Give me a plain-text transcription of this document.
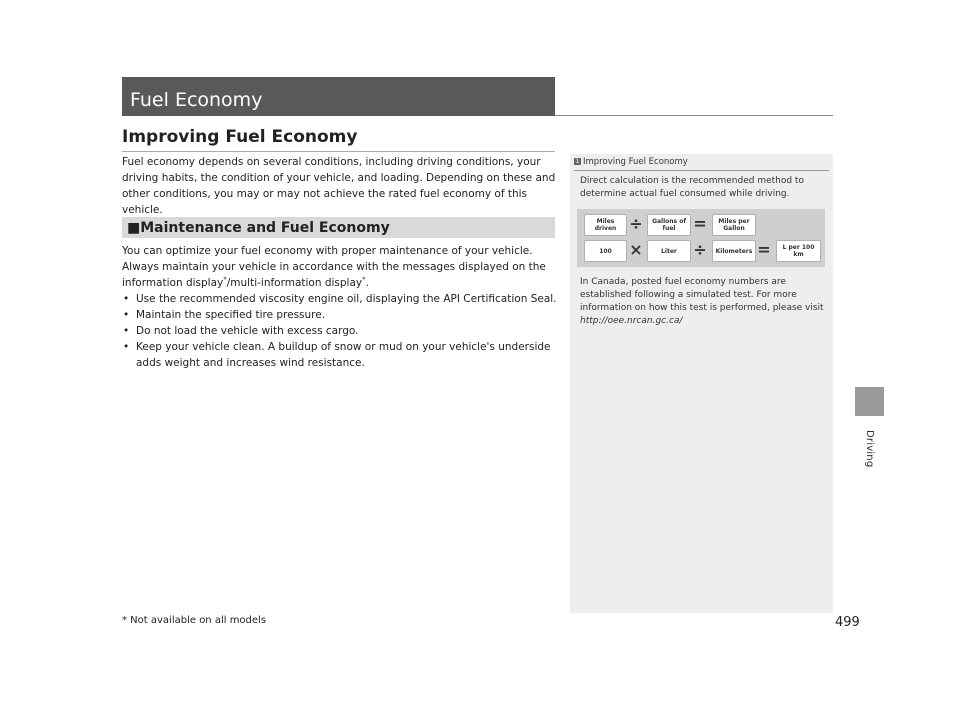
Fuel Economy
Driving
Improving Fuel Economy
Fuel economy depends on several conditions, including driving conditions, your driving habits, the condition of your vehicle, and loading. Depending on these and other conditions, you may or may not achieve the rated fuel economy of this vehicle.
■Maintenance and Fuel Economy
You can optimize your fuel economy with proper maintenance of your vehicle. Always maintain your vehicle in accordance with the messages displayed on the information display*/multi-information display*.
• Use the recommended viscosity engine oil, displaying the API Certification Seal.
• Maintain the specified tire pressure.
• Do not load the vehicle with excess cargo.
• Keep your vehicle clean. A buildup of snow or mud on your vehicle's underside adds weight and increases wind resistance.
1 Improving Fuel Economy
Direct calculation is the recommended method to determine actual fuel consumed while driving.
Miles driven ÷	Gallons of fuel	=	Miles per Gallon
100	×	Liter	÷	Kilometers =	L per 100 km
In Canada, posted fuel economy numbers are established following a simulated test. For more information on how this test is performed, please visit http://oee.nrcan.gc.ca/
* Not available on all models	499
